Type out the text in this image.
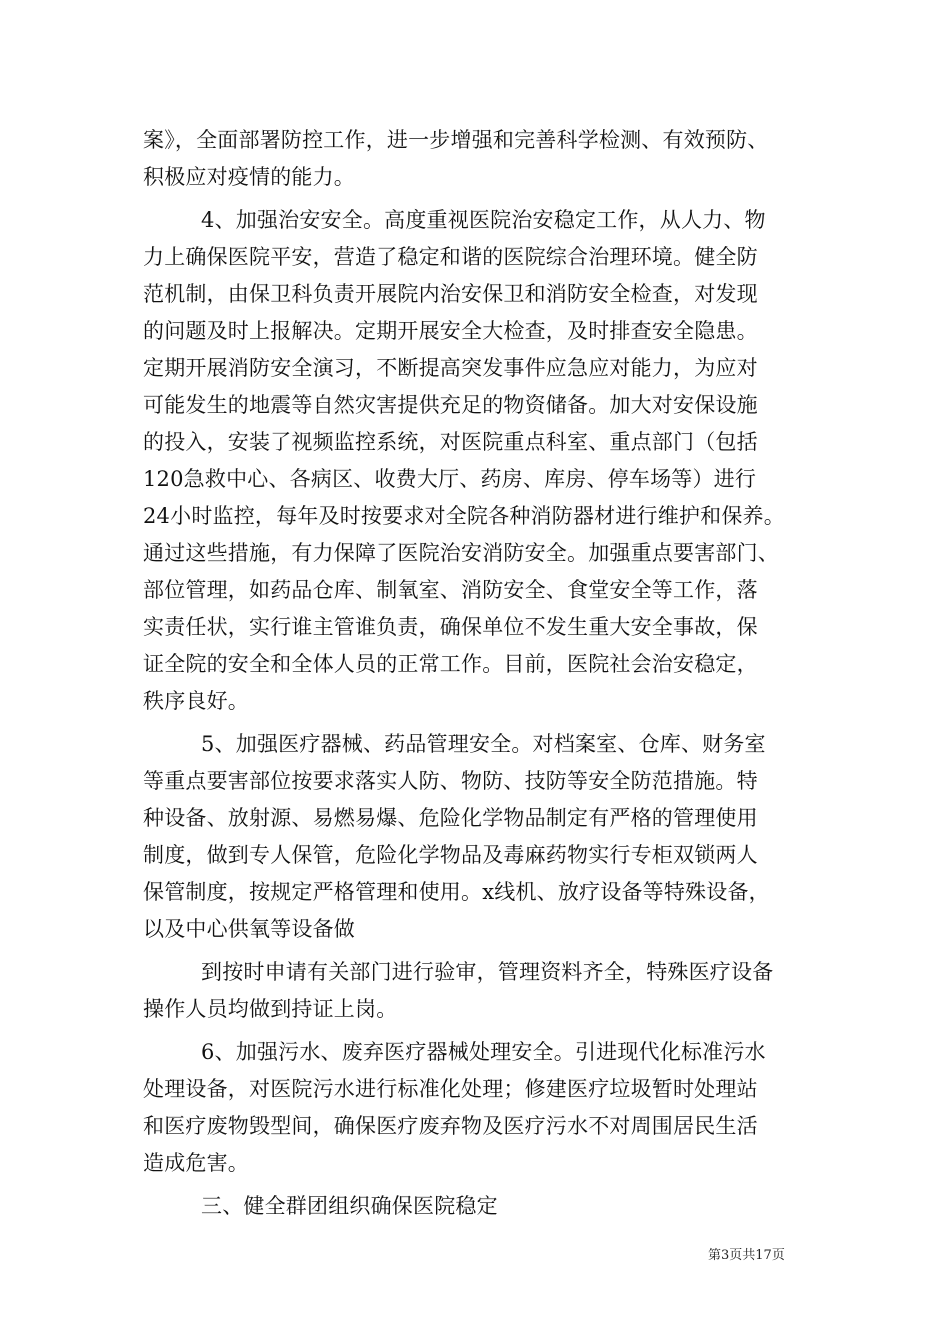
案》，全面部署防控工作，进一步增强和完善科学检测、有效预防、
积极应对疫情的能力。
4、加强治安安全。高度重视医院治安稳定工作，从人力、物
力上确保医院平安，营造了稳定和谐的医院综合治理环境。健全防
范机制，由保卫科负责开展院内治安保卫和消防安全检查，对发现
的问题及时上报解决。定期开展安全大检查，及时排查安全隐患。
定期开展消防安全演习，不断提高突发事件应急应对能力，为应对
可能发生的地震等自然灾害提供充足的物资储备。加大对安保设施
的投入，安装了视频监控系统，对医院重点科室、重点部门（包括
120急救中心、各病区、收费大厅、药房、库房、停车场等）进行
24小时监控，每年及时按要求对全院各种消防器材进行维护和保养。
通过这些措施，有力保障了医院治安消防安全。加强重点要害部门、
部位管理，如药品仓库、制氧室、消防安全、食堂安全等工作，落
实责任状，实行谁主管谁负责，确保单位不发生重大安全事故，保
证全院的安全和全体人员的正常工作。目前，医院社会治安稳定，
秩序良好。
5、加强医疗器械、药品管理安全。对档案室、仓库、财务室
等重点要害部位按要求落实人防、物防、技防等安全防范措施。特
种设备、放射源、易燃易爆、危险化学物品制定有严格的管理使用
制度，做到专人保管，危险化学物品及毒麻药物实行专柜双锁两人
保管制度，按规定严格管理和使用。x线机、放疗设备等特殊设备，
以及中心供氧等设备做
到按时申请有关部门进行验审，管理资料齐全，特殊医疗设备
操作人员均做到持证上岗。
6、加强污水、废弃医疗器械处理安全。引进现代化标准污水
处理设备，对医院污水进行标准化处理；修建医疗垃圾暂时处理站
和医疗废物毁型间，确保医疗废弃物及医疗污水不对周围居民生活
造成危害。
三、健全群团组织确保医院稳定
第3页共17页
